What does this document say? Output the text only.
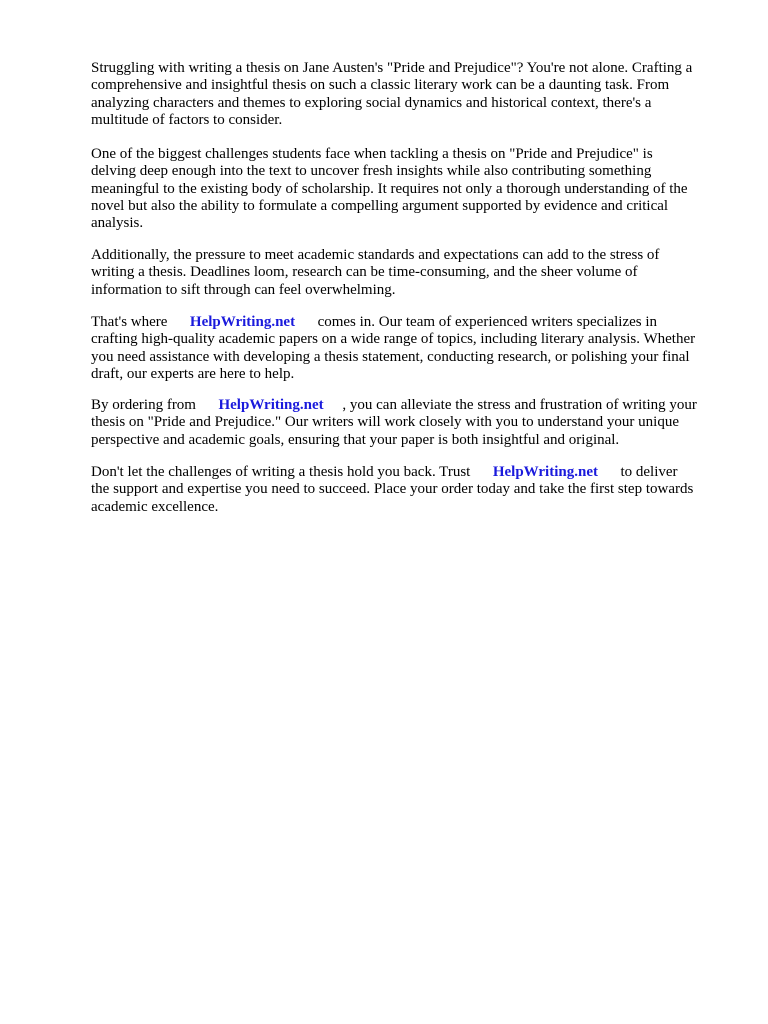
Struggling with writing a thesis on Jane Austen's "Pride and Prejudice"? You're not alone. Crafting a
comprehensive and insightful thesis on such a classic literary work can be a daunting task. From
analyzing characters and themes to exploring social dynamics and historical context, there's a
multitude of factors to consider.

One of the biggest challenges students face when tackling a thesis on "Pride and Prejudice" is
delving deep enough into the text to uncover fresh insights while also contributing something
meaningful to the existing body of scholarship. It requires not only a thorough understanding of the
novel but also the ability to formulate a compelling argument supported by evidence and critical
analysis.

Additionally, the pressure to meet academic standards and expectations can add to the stress of
writing a thesis. Deadlines loom, research can be time-consuming, and the sheer volume of
information to sift through can feel overwhelming.

That's where      HelpWriting.net      comes in. Our team of experienced writers specializes in
crafting high-quality academic papers on a wide range of topics, including literary analysis. Whether
you need assistance with developing a thesis statement, conducting research, or polishing your final
draft, our experts are here to help.

By ordering from      HelpWriting.net     , you can alleviate the stress and frustration of writing your
thesis on "Pride and Prejudice." Our writers will work closely with you to understand your unique
perspective and academic goals, ensuring that your paper is both insightful and original.

Don't let the challenges of writing a thesis hold you back. Trust      HelpWriting.net      to deliver
the support and expertise you need to succeed. Place your order today and take the first step towards
academic excellence.
